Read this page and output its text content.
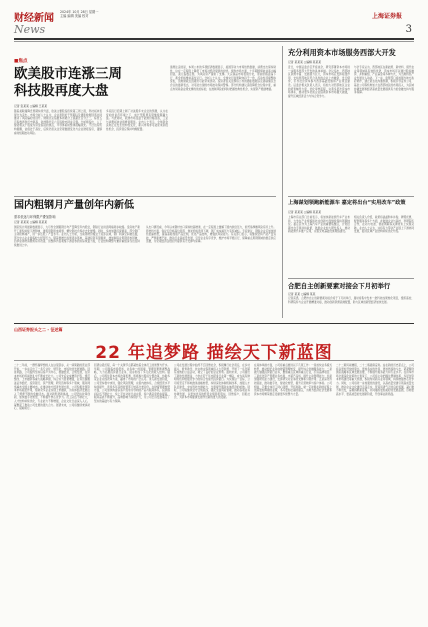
财经新闻
2024年 10月 28日 星期一
主编 编辑 美编 校对	上海证券报
News	3
■焦点
欧美股市连涨三周
科技股再度大盘
记者 张某某 ○编辑 王某某
随着美联储降息预期持续升温，欧美主要股指连续第三周上涨，科技板块表现尤为突出。市场分析人士认为，企业盈利好于预期以及通胀数据回落共同推动了风险偏好的回升。纳斯达克指数本周累计上涨超过百分之二，标普五百指数再创历史新高，欧洲斯托克六百指数亦同步走强。分析师指出，人工智能相关个股成为资金追逐的焦点，半导体板块整体涨幅领先。不过也有机构提醒，估值处于高位，后续仍需关注宏观数据变化与企业财报指引，谨慎看待短期波动风险。
多家投行近期上调了对美股年末点位的预测，认为在宽松的货币环境之下，成长型股票有望继续跑赢大盘。与此同时，欧洲市场受益于能源价格回落，工业与消费板块估值修复明显。业内人士表示，全球资金流向正在发生结构性变化，新兴市场亦可能迎来阶段性机会，投资者应保持均衡配置。
值得注意的是，本周公布的多项经济数据显示，美国劳动力市场依然稳健，消费支出保持韧性，这在一定程度上降低了市场对经济衰退的担忧。债券市场方面，十年期国债收益率小幅回落，美元指数走弱，为风险资产提供了支撑。大宗商品市场表现分化，原油价格震荡下行，黄金价格维持高位运行。分析人士认为，全球央行政策取向趋于一致，流动性环境整体宽松，但地缘政治因素仍可能带来扰动。投资者需关注即将公布的通胀数据以及美联储议息会议的最新表态，对可能出现的市场波动保持警惕。部分机构建议适度降低仓位集中度，重点布局具备业绩支撑的优质标的，在控制风险的同时把握结构性机会，实现资产稳健增值。
国内粗钢月产量创年内新低
需求低迷与环保限产叠加影响
记者 某某某 ○编辑 某某某
国家统计局最新数据显示，九月份全国粗钢日均产量降至年内低位，钢铁行业供需两端同步收缩。受房地产新开工面积持续下滑影响，建筑用钢需求疲弱，螺纹钢社会库存去化缓慢。同时，多地加强环保督查，部分钢厂主动检修减产，进一步压低了产量水平。业内人士分析，当前钢材价格处于底部区域，钢厂利润空间被压缩，部分中小企业面临较大经营压力。随着稳增长政策逐步落地，基建投资有望提速，叠加制造业用钢需求回暖，四季度钢材消费或有所改善，但整体仍需观察下游需求的实际恢复力度，行业结构调整与兼并重组步伐也在持续推进之中。
从出口情况看，今年以来钢材出口保持较高增速，在一定程度上缓解了国内供给压力，但贸易摩擦风险有所上升。原材料方面，铁矿石价格高位回落，焦炭价格连续下调，钢厂成本端压力有所减轻。专家建议，钢铁企业应加快绿色低碳转型，提高高附加值产品比例，优化产品结构，增强抗风险能力。有关部门表示，将继续坚持产能产量双控，严禁新增产能，推动行业高质量发展，引导企业有序竞争，维护市场平稳运行，保障重点用钢领域的稳定供应需要，为宏观经济企稳回升提供有力支撑与保障。
充分利用资本市场服务西部大开发
记者 某某某 ○编辑 某某某
近日，中国证监会召开座谈会，研究部署资本市场进一步服务西部大开发的具体举措。会议指出，西部地区资源丰富、发展潜力巨大，资本市场应发挥枢纽作用，支持西部地区符合条件的企业上市融资、发行债券，引导社会资本参与西部基础设施和产业项目建设。证监会相关负责人表示，将加大对西部地区企业的培育辅导力度，优化审核流程，完善多层次资本市场体系，推动更多优质企业借助资本市场做大做强，提升区域经济活力与综合竞争力。
与会专家认为，西部地区在新能源、新材料、现代农业等领域具有独特优势，资本市场可以通过股权融资、并购重组、产业基金等多种方式，为当地特色产业发展注入动能。下一步，监管部门将加强与地方政府协作，建立常态化沟通机制，积极引导证券公司、基金公司等机构加大在西部地区的布局投入，为区域协调发展和经济高质量发展提供有力的金融支持与服务保障。
上海谋划领跑新能源车 嘉定将出台“实用改车”政策
记者 某某某 ○编辑 某某某
上海市有关部门日前表示，将加快新能源汽车产业布局，力争在产业规模和技术创新方面继续保持领跑地位。嘉定区作为上海汽车产业的重要集聚区，计划近期出台专项扶持政策，鼓励企业加大研发投入，推动新能源汽车推广应用，完善充电基础设施网络建设。
相关负责人介绍，政策将涵盖购车补贴、牌照优惠、配套服务等多个方面，并鼓励企业与高校、科研院所合作，在动力电池、智能网联等关键技术上实现突破。业内人士认为，这将有力带动产业链上下游协同发展，促进区域产业结构持续优化升级。
合肥自主创新要素对接会下月初举行
记者 某某 ○编辑 某某
记者获悉，合肥市自主创新要素对接会将于下月初举行，届时将集中发布一批科技成果转化项目，组织高校、科研院所与企业开展精准对接，推动创新资源高效配置，助力区域创新型经济加快发展。
山西证券报头之二 - 征述篇
22 年追梦路 描绘天下新蓝图
二十二年前，一群怀揣梦想的人在这里起步，从一间简陋的营业部开始，一步步走出了一条专业化、规范化、市场化的发展道路。回首来路，公司始终坚持以客户为中心，稳健经营，合规发展，在资本市场的风雨洗礼中不断成长壮大。公司先后完成增资扩股、规范整改、上市融资等重大战略举措，综合实力显著增强，业务范围覆盖证券经纪、投资银行、资产管理、研究咨询等多个领域，服务网络遍布全国主要城市。在推动地方经济发展方面，公司积极发挥资本市场枢纽作用，帮助众多企业实现上市融资，为实体经济发展注入了源源不断的金融活水。面对新形势新挑战，公司坚持改革创新，加快数字化转型，不断提升核心竞争力。员工队伍不断壮大，人才结构持续优化，专业能力不断增强，企业文化日益深入人心，凝聚起了推动公司发展的强大合力。展望未来，公司将继续秉承初心，砥砺前行。
回望这段历程，每一个关键节点都凝结着全体员工的智慧与汗水。早期，公司面临市场低迷、业务单一的困境，管理层果断调整战略，大力拓展投资银行业务，逐步形成了多元化的收入结构。随后，公司抓住资本市场改革机遇，积极参与股权分置改革，协助多家企业完成改革方案，赢得了市场的广泛认可。进入新发展阶段，公司坚持稳中求进，强化风险管理，完善内控体系，合规经营水平持续提升，连续多年获得监管部门较高分类评价。在财富管理转型方面，公司加快构建以客户需求为导向的产品与服务体系，投资顾问队伍不断壮大，线上平台功能日益完善，客户满意度稳步提高，服务品质不断提升，品牌影响力持续扩大，为公司长远发展奠定了坚实的基础与有力保障。
公司在发展过程中始终不忘回馈社会，积极履行社会责任，在乡村振兴、教育助学、抗灾救灾等领域投入大量资源，开展了一系列富有成效的公益活动，树立了良好的企业形象。面向未来，公司提出了新的发展愿景，力争在若干年内跻身行业第一梯队，成为具有鲜明特色和较强竞争力的综合性现代投资银行。为实现这一目标，公司将坚定不移地推进战略转型，持续深化体制机制改革，加强人才队伍建设，夯实科技支撑能力，全面提升服务实体经济的质效。同时，公司将继续坚守合规底线，强化全面风险管理，推动各项业务协调发展，以更加优异的经营业绩回报股东、回馈客户、回报社会，为资本市场健康发展作出新的更大的贡献。
在具体举措方面，公司将重点推进以下几项工作：一是加快业务模式转型，推动经纪业务向财富管理转变，提升综合金融服务能力；二是做大做强投资银行业务，聚焦重点区域和重点行业，打造品牌项目；三是优化资产管理业务布局，丰富产品线，提升主动管理能力；四是加强研究能力建设，发挥研究对业务的支撑和引领作用；五是深化科技赋能，推动数字化、智能化转型，提升运营效率与客户体验。公司相信，只要全体员工同心同德、开拓进取，就一定能够在新的征程上创造更加辉煌的业绩，书写更加壮丽的篇章，为地方经济社会发展和资本市场繁荣稳定贡献更多智慧与力量。
二十二载风雨兼程，二十二载砥砺奋进。站在新的历史起点上，公司将以更加开放的姿态、更加务实的作风、更加昂扬的斗志，紧紧围绕国家战略和区域发展需要，不断提升服务能力和专业水平。在资本市场全面深化改革的大背景下，公司将主动把握注册制改革、多层次资本市场建设等重大机遇，积极布局新兴业务领域，持续增强核心竞争力。同时，公司将进一步加强党的建设，以高质量党建引领高质量发展，推动企业文化建设走深走实，营造风清气正的良好氛围，凝心聚力再出发，奋楫扬帆新征程，共同描绘更加美好的发展蓝图，迈向更高水平、更高质量的发展新阶段，开创事业新局面。
